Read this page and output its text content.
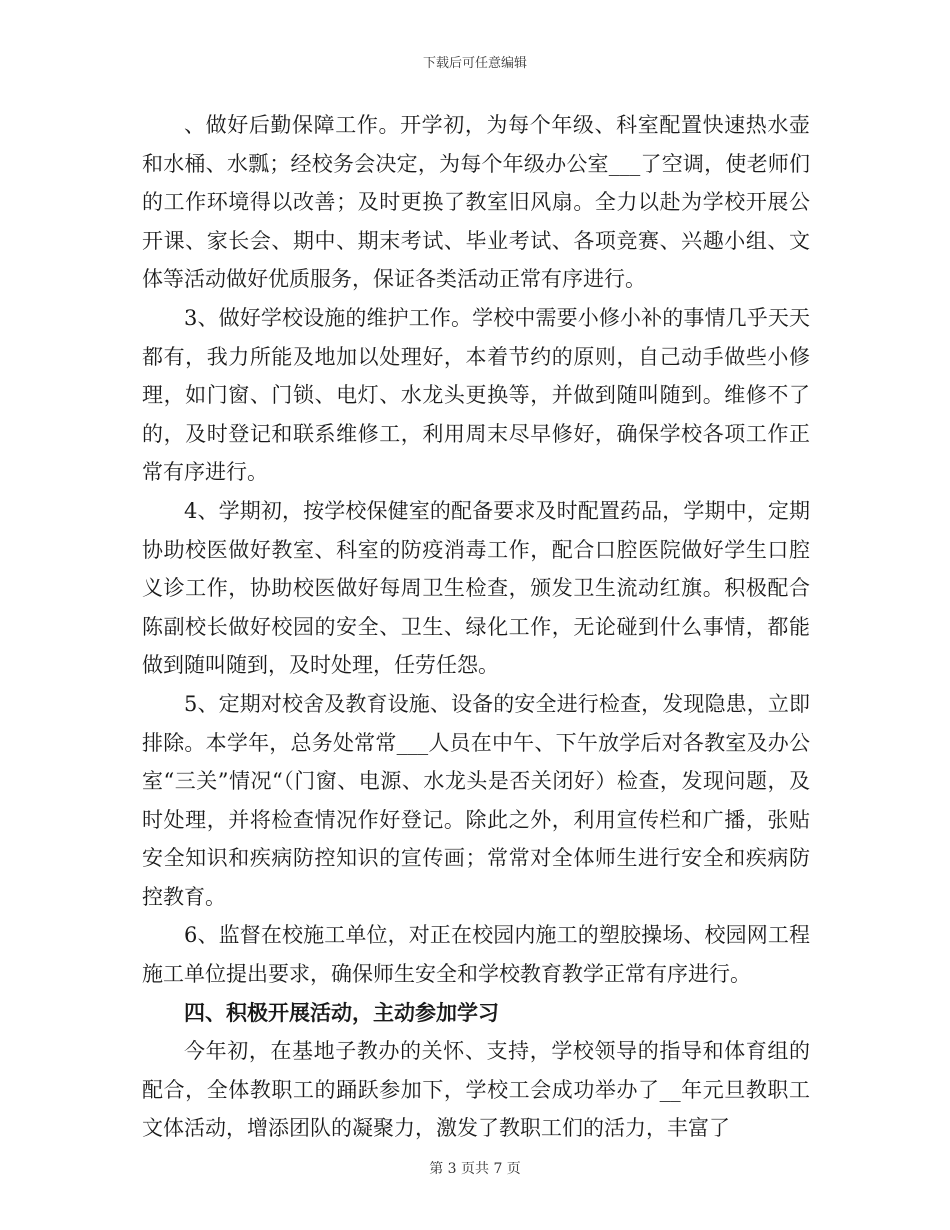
下载后可任意编辑

、做好后勤保障工作。开学初，为每个年级、科室配置快速热水壶和水桶、水瓢；经校务会决定，为每个年级办公室___了空调，使老师们的工作环境得以改善；及时更换了教室旧风扇。全力以赴为学校开展公开课、家长会、期中、期末考试、毕业考试、各项竞赛、兴趣小组、文体等活动做好优质服务，保证各类活动正常有序进行。

3、做好学校设施的维护工作。学校中需要小修小补的事情几乎天天都有，我力所能及地加以处理好，本着节约的原则，自己动手做些小修理，如门窗、门锁、电灯、水龙头更换等，并做到随叫随到。维修不了的，及时登记和联系维修工，利用周末尽早修好，确保学校各项工作正常有序进行。

4、学期初，按学校保健室的配备要求及时配置药品，学期中，定期协助校医做好教室、科室的防疫消毒工作，配合口腔医院做好学生口腔义诊工作，协助校医做好每周卫生检查，颁发卫生流动红旗。积极配合陈副校长做好校园的安全、卫生、绿化工作，无论碰到什么事情，都能做到随叫随到，及时处理，任劳任怨。

5、定期对校舍及教育设施、设备的安全进行检查，发现隐患，立即排除。本学年，总务处常常___人员在中午、下午放学后对各教室及办公室“三关”情况“（门窗、电源、水龙头是否关闭好）检查，发现问题，及时处理，并将检查情况作好登记。除此之外，利用宣传栏和广播，张贴安全知识和疾病防控知识的宣传画；常常对全体师生进行安全和疾病防控教育。

6、监督在校施工单位，对正在校园内施工的塑胶操场、校园网工程施工单位提出要求，确保师生安全和学校教育教学正常有序进行。

四、积极开展活动，主动参加学习

今年初，在基地子教办的关怀、支持，学校领导的指导和体育组的配合，全体教职工的踊跃参加下，学校工会成功举办了__年元旦教职工文体活动，增添团队的凝聚力，激发了教职工们的活力，丰富了

第 3 页共 7 页
